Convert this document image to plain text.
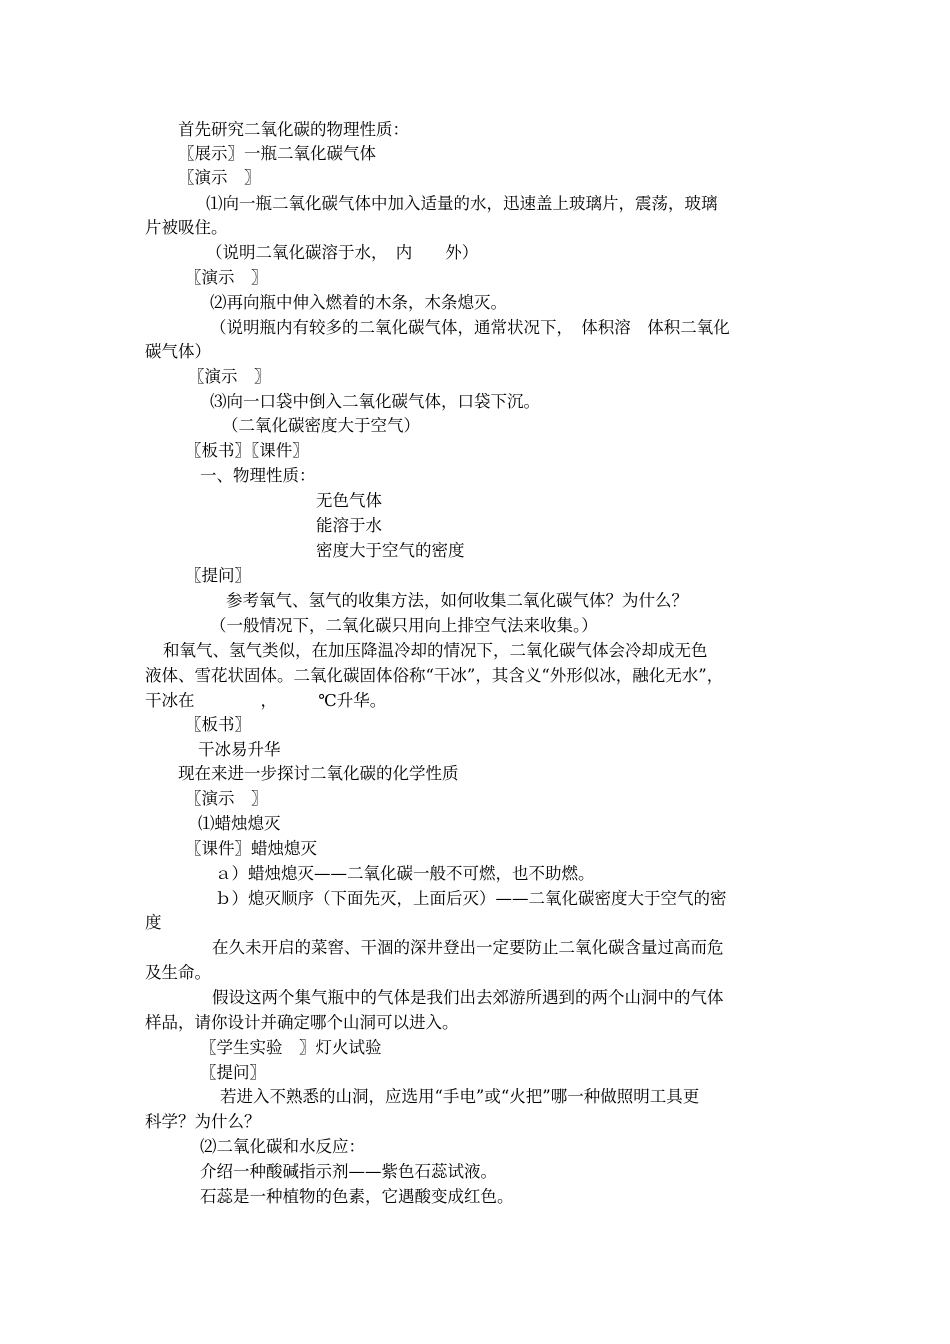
首先研究二氧化碳的物理性质：
〖展示〗一瓶二氧化碳气体
〖演示　〗
⑴向一瓶二氧化碳气体中加入适量的水，迅速盖上玻璃片，震荡，玻璃
片被吸住。
（说明二氧化碳溶于水，　内　　外）
〖演示　〗
⑵再向瓶中伸入燃着的木条，木条熄灭。
（说明瓶内有较多的二氧化碳气体，通常状况下，　体积溶　体积二氧化
碳气体）
〖演示　〗
⑶向一口袋中倒入二氧化碳气体，口袋下沉。
（二氧化碳密度大于空气）
〖板书〗〖课件〗
一、物理性质：
无色气体
能溶于水
密度大于空气的密度
〖提问〗
参考氧气、氢气的收集方法，如何收集二氧化碳气体？为什么？
（一般情况下，二氧化碳只用向上排空气法来收集。）
和氧气、氢气类似，在加压降温冷却的情况下，二氧化碳气体会冷却成无色
液体、雪花状固体。二氧化碳固体俗称“干冰”，其含义“外形似冰，融化无水”，
干冰在　　　　，　　　℃升华。
〖板书〗
干冰易升华
现在来进一步探讨二氧化碳的化学性质
〖演示　〗
⑴蜡烛熄灭
〖课件〗蜡烛熄灭
ａ）蜡烛熄灭——二氧化碳一般不可燃，也不助燃。
ｂ）熄灭顺序（下面先灭，上面后灭）——二氧化碳密度大于空气的密
度
在久未开启的菜窖、干涸的深井登出一定要防止二氧化碳含量过高而危
及生命。
假设这两个集气瓶中的气体是我们出去郊游所遇到的两个山洞中的气体
样品，请你设计并确定哪个山洞可以进入。
〖学生实验　〗灯火试验
〖提问〗
若进入不熟悉的山洞，应选用“手电”或“火把”哪一种做照明工具更
科学？为什么？
⑵二氧化碳和水反应：
介绍一种酸碱指示剂——紫色石蕊试液。
石蕊是一种植物的色素，它遇酸变成红色。
